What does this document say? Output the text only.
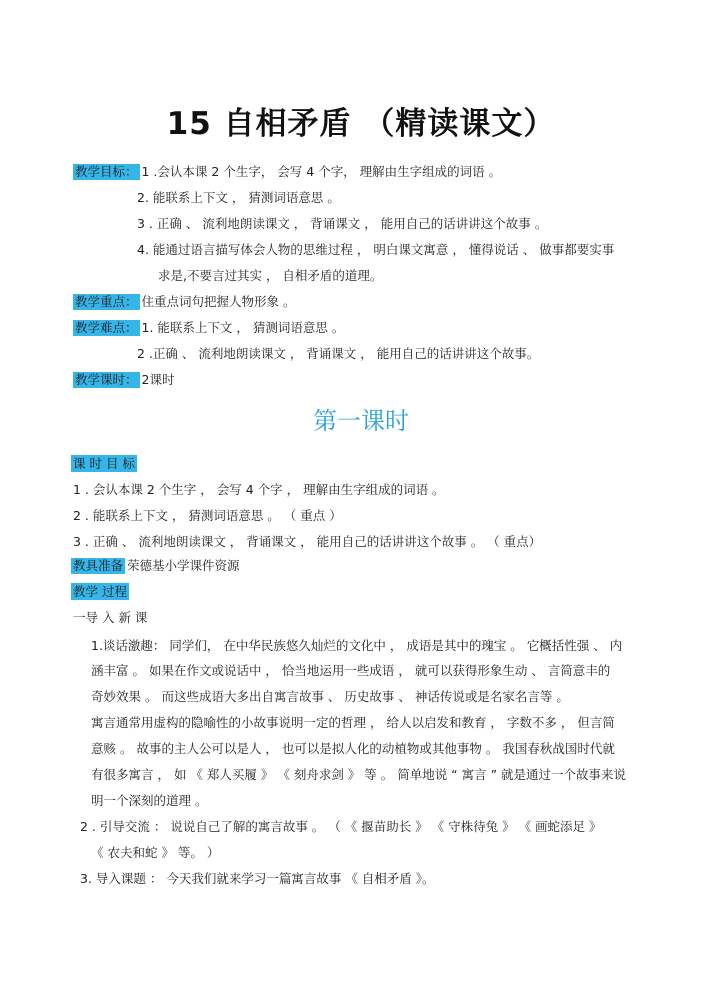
15 自相矛盾 （精读课文）
教学目标： 1 .会认本课 2 个生字， 会写 4 个字， 理解由生字组成的词语 。
2. 能联系上下文 ， 猜测词语意思 。
3 . 正确 、 流利地朗读课文 ， 背诵课文 ， 能用自己的话讲讲这个故事 。
4. 能通过语言描写体会人物的思维过程 ， 明白课文寓意 ， 懂得说话 、 做事都要实事
求是,不要言过其实 ， 自相矛盾的道理。
教学重点： 住重点词句把握人物形象 。
教学难点： 1. 能联系上下文 ， 猜测词语意思 。
2 .正确 、 流利地朗读课文 ， 背诵课文 ， 能用自己的话讲讲这个故事。
教学课时： 2课时
第一课时
课 时 目 标
1 . 会认本课 2 个生字 ， 会写 4 个字 ， 理解由生字组成的词语 。
2 . 能联系上下文 ， 猜测词语意思 。 （ 重点 ）
3 . 正确 、 流利地朗读课文 ， 背诵课文 ， 能用自己的话讲讲这个故事 。 （ 重点）
教具准备 荣德基小学课件资源
教学 过程
一导 入 新 课
1.谈话激趣： 同学们， 在中华民族悠久灿烂的文化中 ， 成语是其中的瑰宝 。 它概括性强 、 内
涵丰富 。 如果在作文或说话中 ， 恰当地运用一些成语 ， 就可以获得形象生动 、 言简意丰的
奇妙效果 。 而这些成语大多出自寓言故事 、 历史故事 、 神话传说或是名家名言等 。
寓言通常用虚构的隐喻性的小故事说明一定的哲理 ， 给人以启发和教育 ， 字数不多 ， 但言简
意赅 。 故事的主人公可以是人 ， 也可以是拟人化的动植物或其他事物 。 我国春秋战国时代就
有很多寓言 ， 如 《 郑人买履 》 《 刻舟求剑 》 等 。 简单地说 “ 寓言 ” 就是通过一个故事来说
明一个深刻的道理 。
2 . 引导交流 ： 说说自己了解的寓言故事 。 （ 《 揠苗助长 》 《 守株待兔 》 《 画蛇添足 》
《 农夫和蛇 》 等。 ）
3. 导入课题 ： 今天我们就来学习一篇寓言故事 《 自相矛盾 》。
